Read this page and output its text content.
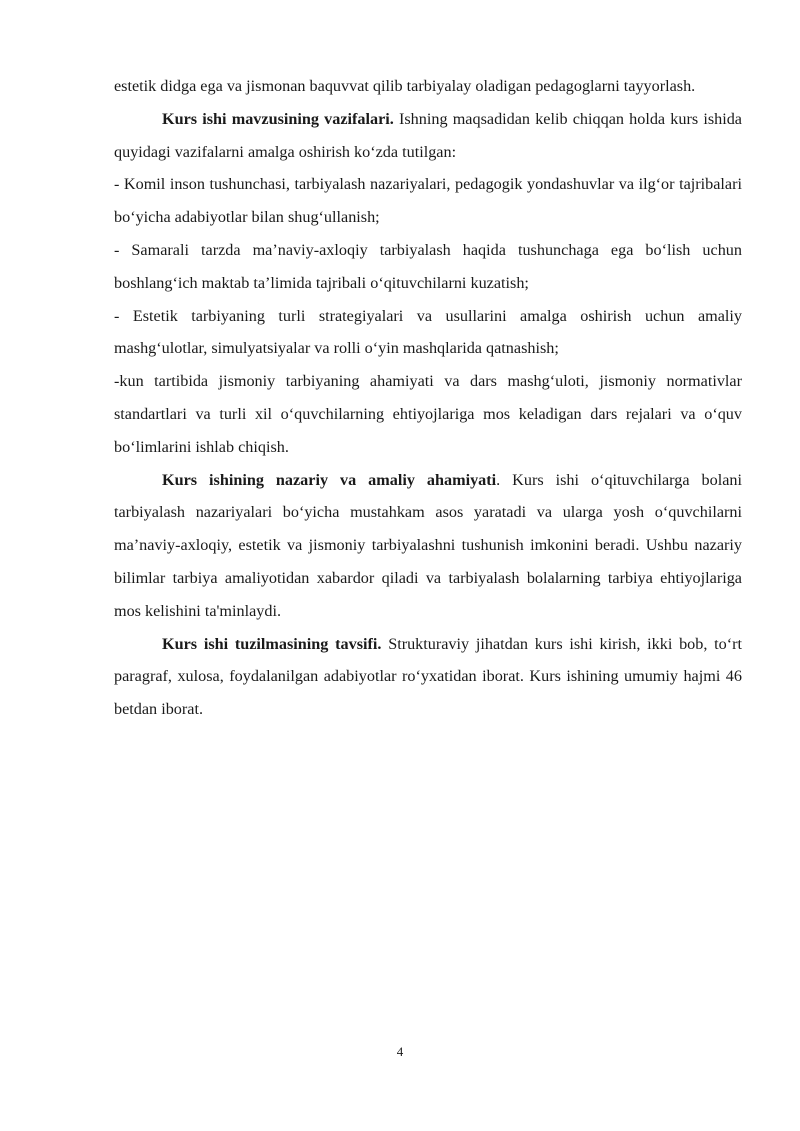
estetik didga ega va jismonan baquvvat qilib tarbiyalay oladigan pedagoglarni tayyorlash.

Kurs ishi mavzusining vazifalari. Ishning maqsadidan kelib chiqqan holda kurs ishida quyidagi vazifalarni amalga oshirish koʻzda tutilgan:

- Komil inson tushunchasi, tarbiyalash nazariyalari, pedagogik yondashuvlar va ilgʻor tajribalari boʻyicha adabiyotlar bilan shugʻullanish;

- Samarali tarzda maʼnaviy-axloqiy tarbiyalash haqida tushunchaga ega boʻlish uchun boshlangʻich maktab taʼlimida tajribali oʻqituvchilarni kuzatish;

- Estetik tarbiyaning turli strategiyalari va usullarini amalga oshirish uchun amaliy mashgʻulotlar, simulyatsiyalar va rolli oʻyin mashqlarida qatnashish;

-kun tartibida jismoniy tarbiyaning ahamiyati va dars mashgʻuloti, jismoniy normativlar standartlari va turli xil oʻquvchilarning ehtiyojlariga mos keladigan dars rejalari va oʻquv boʻlimlarini ishlab chiqish.

Kurs ishining nazariy va amaliy ahamiyati. Kurs ishi oʻqituvchilarga bolani tarbiyalash nazariyalari boʻyicha mustahkam asos yaratadi va ularga yosh oʻquvchilarni maʼnaviy-axloqiy, estetik va jismoniy tarbiyalashni tushunish imkonini beradi. Ushbu nazariy bilimlar tarbiya amaliyotidan xabardor qiladi va tarbiyalash bolalarning tarbiya ehtiyojlariga mos kelishini ta'minlaydi.

Kurs ishi tuzilmasining tavsifi. Strukturaviy jihatdan kurs ishi kirish, ikki bob, toʻrt paragraf, xulosa, foydalanilgan adabiyotlar roʻyxatidan iborat. Kurs ishining umumiy hajmi 46 betdan iborat.

4
